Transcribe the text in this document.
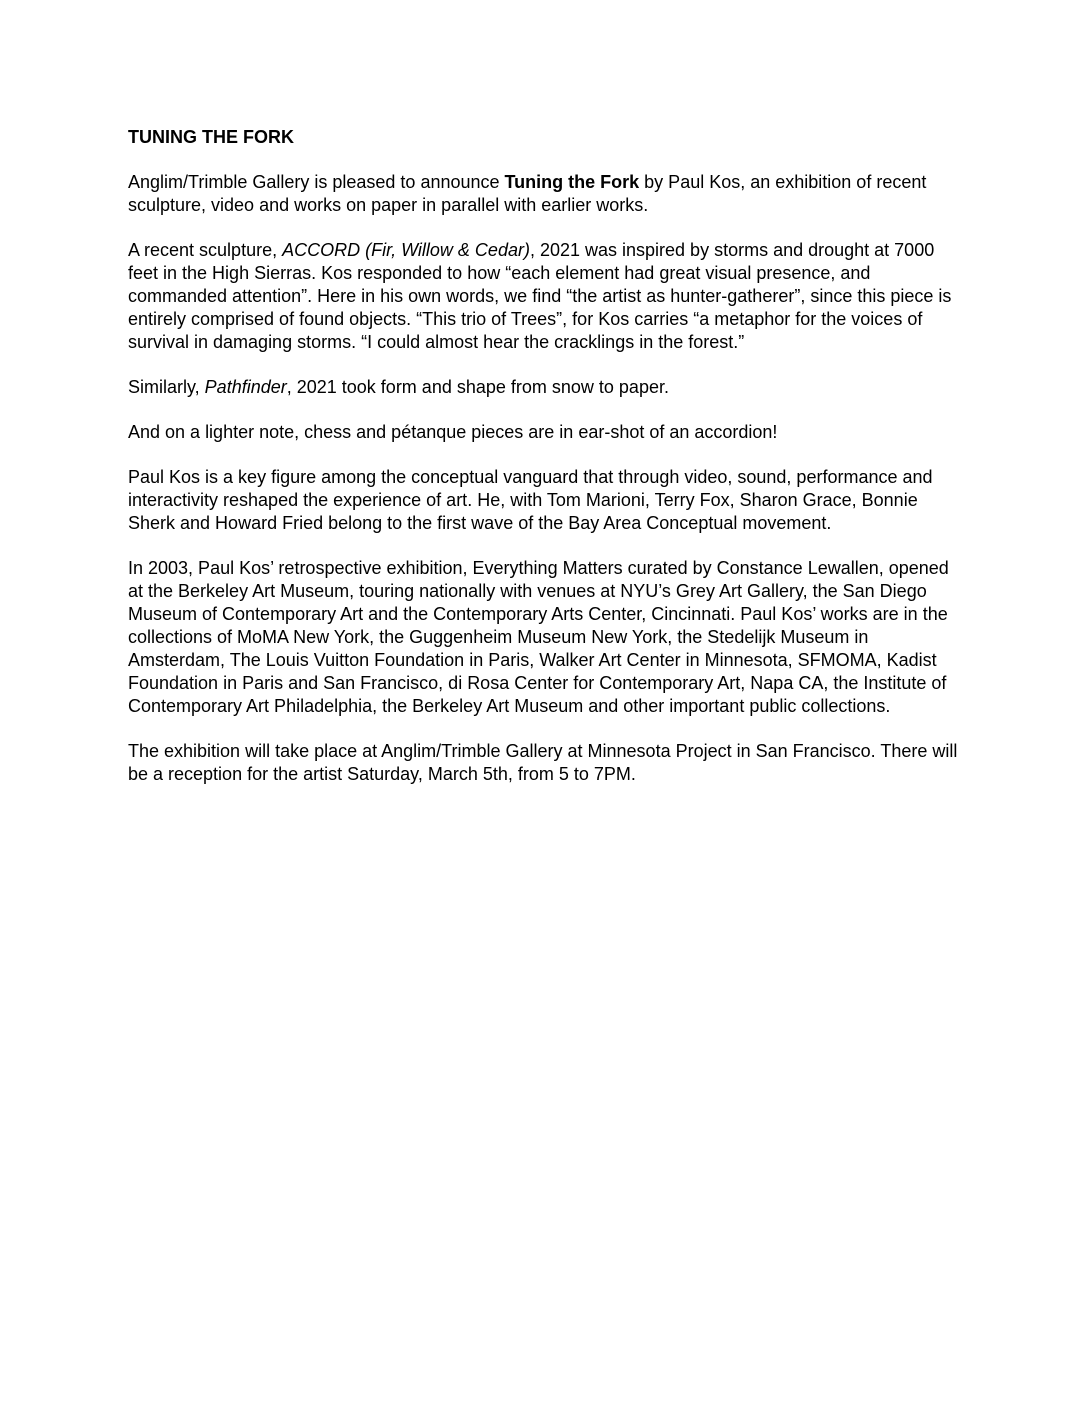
TUNING THE FORK

Anglim/Trimble Gallery is pleased to announce Tuning the Fork by Paul Kos, an exhibition of recent sculpture, video and works on paper in parallel with earlier works.

A recent sculpture, ACCORD (Fir, Willow & Cedar), 2021 was inspired by storms and drought at 7000 feet in the High Sierras. Kos responded to how “each element had great visual presence, and commanded attention”. Here in his own words, we find “the artist as hunter-gatherer”, since this piece is entirely comprised of found objects. “This trio of Trees”, for Kos carries “a metaphor for the voices of survival in damaging storms. “I could almost hear the cracklings in the forest.”

Similarly, Pathfinder, 2021 took form and shape from snow to paper.

And on a lighter note, chess and pétanque pieces are in ear-shot of an accordion!

Paul Kos is a key figure among the conceptual vanguard that through video, sound, performance and interactivity reshaped the experience of art. He, with Tom Marioni, Terry Fox, Sharon Grace, Bonnie Sherk and Howard Fried belong to the first wave of the Bay Area Conceptual movement.

In 2003, Paul Kos’ retrospective exhibition, Everything Matters curated by Constance Lewallen, opened at the Berkeley Art Museum, touring nationally with venues at NYU’s Grey Art Gallery, the San Diego Museum of Contemporary Art and the Contemporary Arts Center, Cincinnati. Paul Kos’ works are in the collections of MoMA New York, the Guggenheim Museum New York, the Stedelijk Museum in Amsterdam, The Louis Vuitton Foundation in Paris, Walker Art Center in Minnesota, SFMOMA, Kadist Foundation in Paris and San Francisco, di Rosa Center for Contemporary Art, Napa CA, the Institute of Contemporary Art Philadelphia, the Berkeley Art Museum and other important public collections.

The exhibition will take place at Anglim/Trimble Gallery at Minnesota Project in San Francisco. There will be a reception for the artist Saturday, March 5th, from 5 to 7PM.
